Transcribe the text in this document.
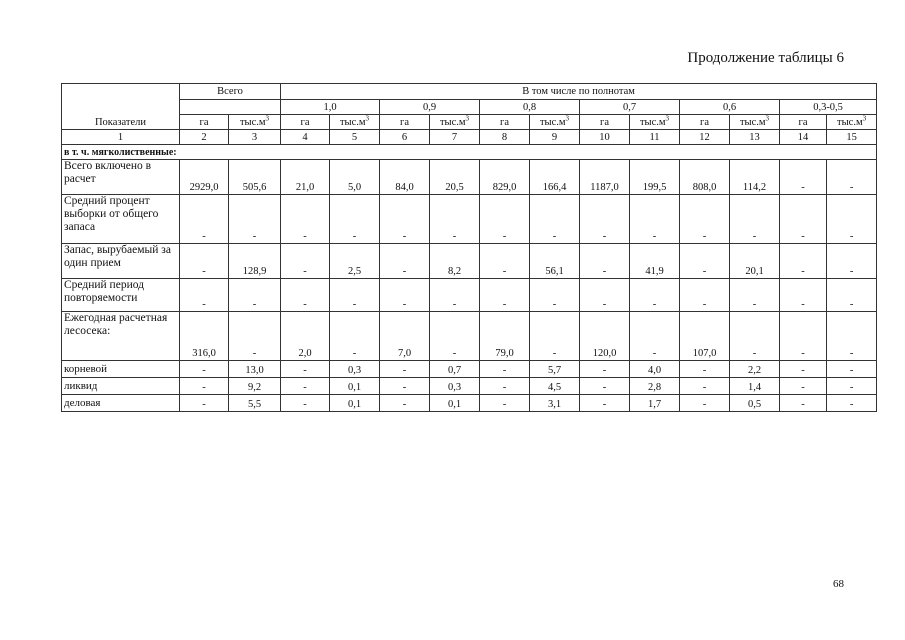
Продолжение таблицы 6
Показатели	Всего		В том числе по полнотам											
			1,0		0,9		0,8		0,7		0,6		0,3-0,5	
	га	$тыс.м^3$	га	$тыс.м^3$	га	$тыс.м^3$	га	$тыс.м^3$	га	$тыс.м^3$	га	$тыс.м^3$	га	$тыс.м^3$
1	2	3	4	5	6	7	8	9	10	11	12	13	14	15
в т. ч. мягколиственные:														
Всего включено в расчет	2929,0	505,6	21,0	5,0	84,0	20,5	829,0	166,4	1187,0	199,5	808,0	114,2	-	-
Средний процент выборки от общего запаса	-	-	-	-	-	-	-	-	-	-	-	-	-	-
Запас, вырубаемый за один прием	-	128,9	-	2,5	-	8,2	-	56,1	-	41,9	-	20,1	-	-
Средний период повторяемости	-	-	-	-	-	-	-	-	-	-	-	-	-	-
Ежегодная расчетная лесосека:	316,0	-	2,0	-	7,0	-	79,0	-	120,0	-	107,0	-	-	-
корневой	-	13,0	-	0,3	-	0,7	-	5,7	-	4,0	-	2,2	-	-
ликвид	-	9,2	-	0,1	-	0,3	-	4,5	-	2,8	-	1,4	-	-
деловая	-	5,5	-	0,1	-	0,1	-	3,1	-	1,7	-	0,5	-	-
68
